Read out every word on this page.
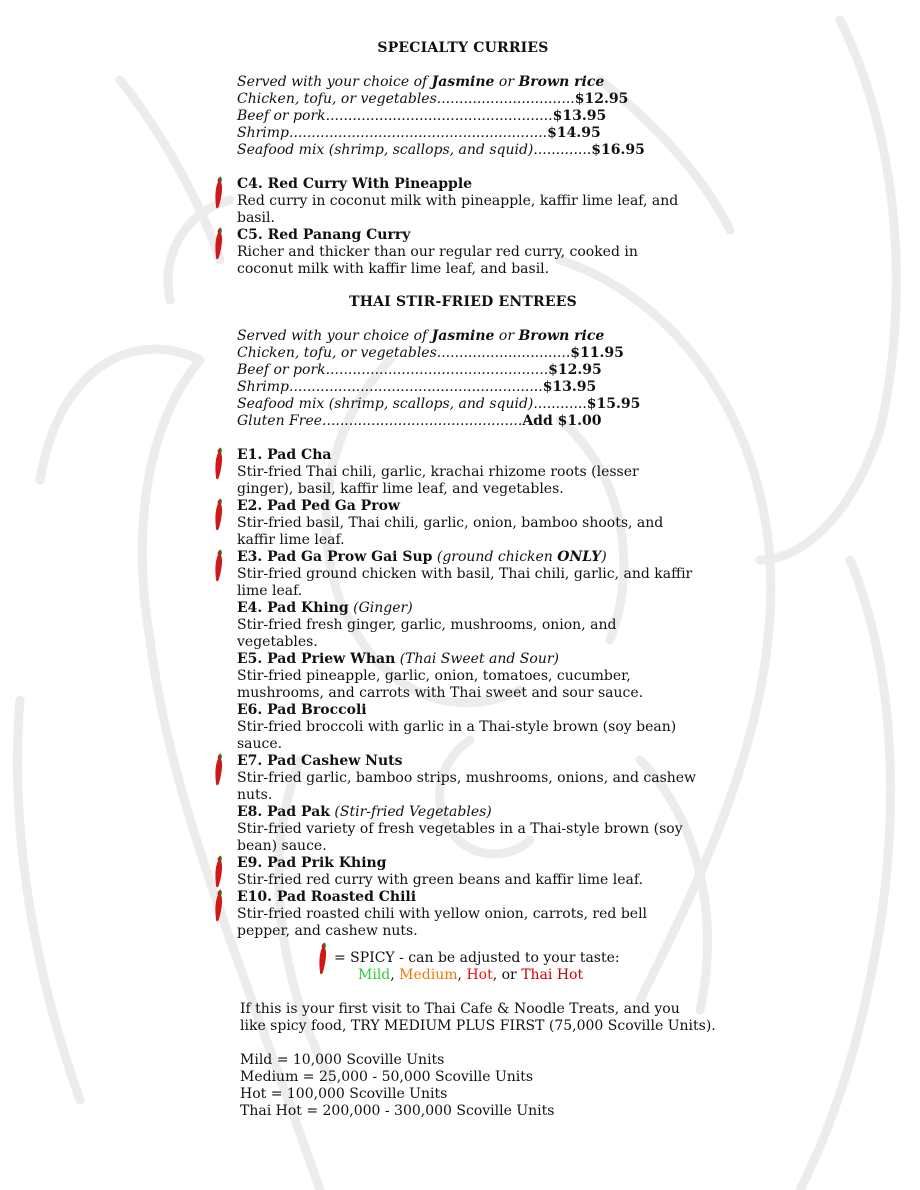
SPECIALTY CURRIES
Served with your choice of Jasmine or Brown rice
Chicken, tofu, or vegetables...............................$12.95
Beef or pork...................................................$13.95
Shrimp..........................................................$14.95
Seafood mix (shrimp, scallops, and squid).............$16.95
C4. Red Curry With Pineapple
Red curry in coconut milk with pineapple, kaffir lime leaf, and basil.
C5. Red Panang Curry
Richer and thicker than our regular red curry, cooked in coconut milk with kaffir lime leaf, and basil.
THAI STIR-FRIED ENTREES
Served with your choice of Jasmine or Brown rice
Chicken, tofu, or vegetables..............................$11.95
Beef or pork..................................................$12.95
Shrimp.........................................................$13.95
Seafood mix (shrimp, scallops, and squid)............$15.95
Gluten Free.............................................Add $1.00
E1. Pad Cha
Stir-fried Thai chili, garlic, krachai rhizome roots (lesser ginger), basil, kaffir lime leaf, and vegetables.
E2. Pad Ped Ga Prow
Stir-fried basil, Thai chili, garlic, onion, bamboo shoots, and kaffir lime leaf.
E3. Pad Ga Prow Gai Sup (ground chicken ONLY)
Stir-fried ground chicken with basil, Thai chili, garlic, and kaffir lime leaf.
E4. Pad Khing (Ginger)
Stir-fried fresh ginger, garlic, mushrooms, onion, and vegetables.
E5. Pad Priew Whan (Thai Sweet and Sour)
Stir-fried pineapple, garlic, onion, tomatoes, cucumber, mushrooms, and carrots with Thai sweet and sour sauce.
E6. Pad Broccoli
Stir-fried broccoli with garlic in a Thai-style brown (soy bean) sauce.
E7. Pad Cashew Nuts
Stir-fried garlic, bamboo strips, mushrooms, onions, and cashew nuts.
E8. Pad Pak (Stir-fried Vegetables)
Stir-fried variety of fresh vegetables in a Thai-style brown (soy bean) sauce.
E9. Pad Prik Khing
Stir-fried red curry with green beans and kaffir lime leaf.
E10. Pad Roasted Chili
Stir-fried roasted chili with yellow onion, carrots, red bell pepper, and cashew nuts.
= SPICY - can be adjusted to your taste:
Mild, Medium, Hot, or Thai Hot
If this is your first visit to Thai Cafe & Noodle Treats, and you
like spicy food, TRY MEDIUM PLUS FIRST (75,000 Scoville Units).
Mild = 10,000 Scoville Units
Medium = 25,000 - 50,000 Scoville Units
Hot = 100,000 Scoville Units
Thai Hot = 200,000 - 300,000 Scoville Units
